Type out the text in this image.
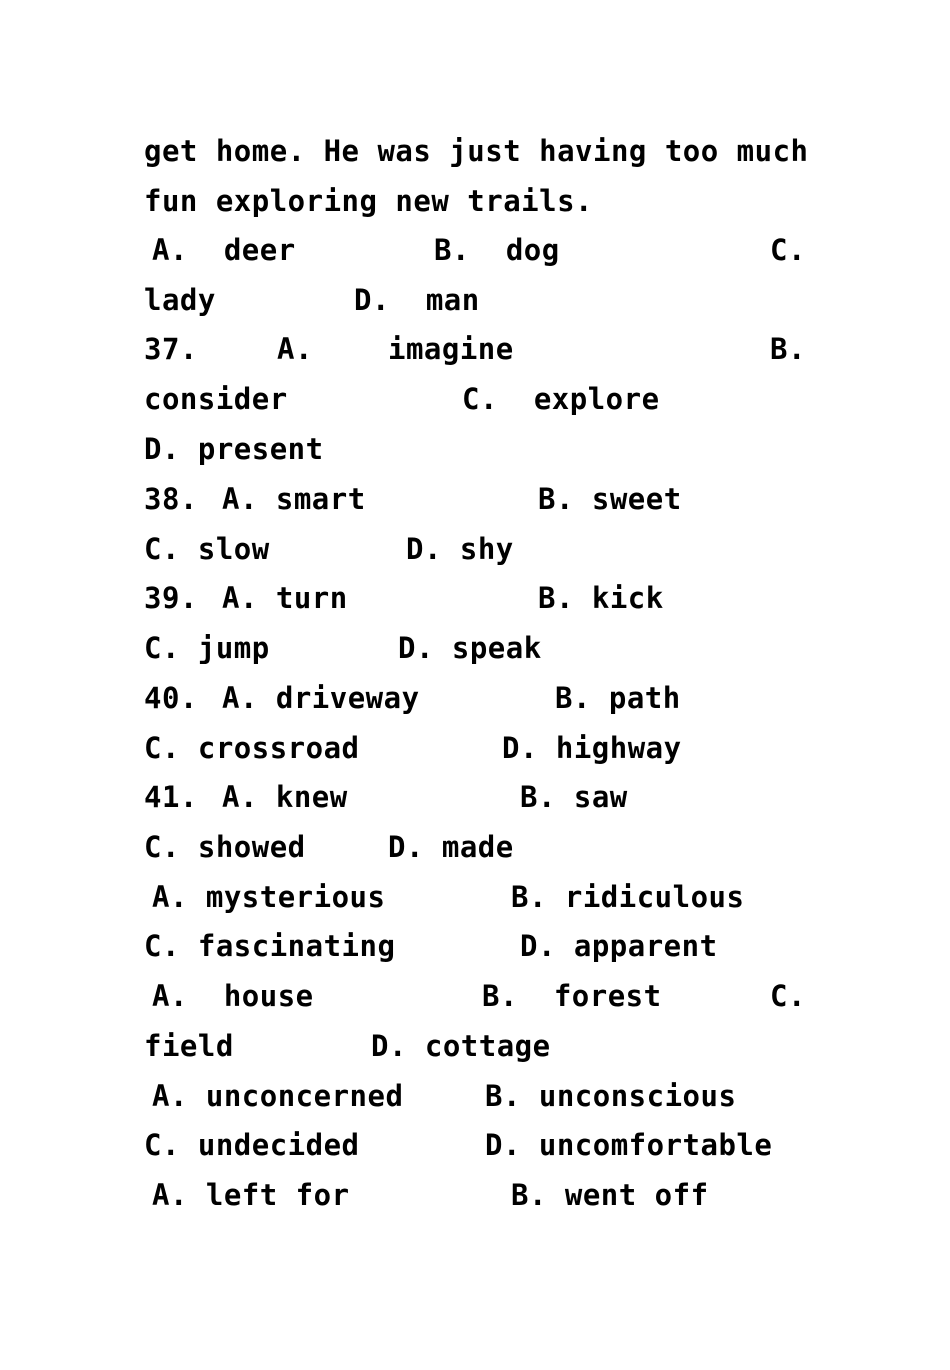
get home. He was just having too much

fun exploring new trails.

A.  deer

	B.  dog

	C.

lady

	D.  man

37.

	A.

	imagine

	B.

consider

	C.  explore

D. present

38.

A. smart

	B. sweet

C. slow

	D. shy

39.

A. turn

	B. kick

C. jump

	D. speak

40.

A. driveway

	B. path

C. crossroad

	D. highway

41.

A. knew

	B. saw

C. showed

	D. made

A. mysterious

	B. ridiculous

C. fascinating

	D. apparent

A.  house

	B.  forest

	C.

field

	D. cottage

A. unconcerned

	B. unconscious

C. undecided

	D. uncomfortable

A. left for

	B. went off
